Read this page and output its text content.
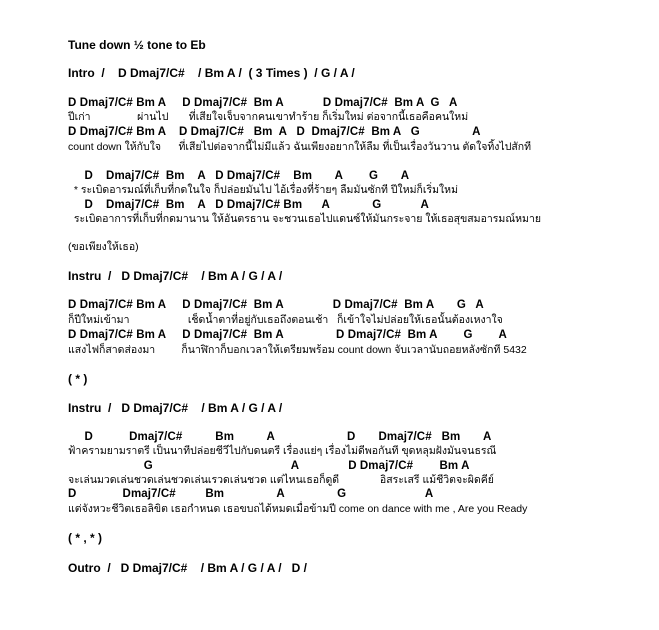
Tune down ½ tone to Eb

Intro  /    D Dmaj7/C#    / Bm A /  ( 3 Times )  / G / A /

D Dmaj7/C# Bm A     D Dmaj7/C#  Bm A            D Dmaj7/C#  Bm A  G   A

ปีเก่า                ผ่านไป       ที่เสียใจเจ็บจากคนเขาทำร้าย ก็เริ่มใหม่ ต่อจากนี้เธอคือคนใหม่

D Dmaj7/C# Bm A    D Dmaj7/C#   Bm  A   D  Dmaj7/C#  Bm A   G                A

count down ให้กับใจ      ที่เสียไปต่อจากนี้ไม่มีแล้ว ฉันเพียงอยากให้ลืม ที่เป็นเรื่องวันวาน ตัดใจทิ้งไปสักที

D    Dmaj7/C#  Bm    A   D Dmaj7/C#    Bm       A        G       A

* ระเบิดอารมณ์ที่เก็บที่กดในใจ ก็ปล่อยมันไป ไอ้เรื่องที่ร้ายๆ ลืมมันซักที ปีใหม่ก็เริ่มใหม่

D    Dmaj7/C#  Bm    A   D Dmaj7/C# Bm      A             G            A

ระเบิดอาการที่เก็บที่กดมานาน ให้อันตรธาน จะชวนเธอไปแดนซ์ให้มันกระจาย ให้เธอสุขสมอารมณ์หมาย

(ขอเพียงให้เธอ)

Instru  /   D Dmaj7/C#    / Bm A / G / A /

D Dmaj7/C# Bm A     D Dmaj7/C#  Bm A               D Dmaj7/C#  Bm A       G   A

ก็ปีใหม่เข้ามา                    เช็ดน้ำตาที่อยู่กับเธอถึงตอนเช้า   ก็เข้าใจไม่ปล่อยให้เธอนั้นต้องเหงาใจ

D Dmaj7/C# Bm A     D Dmaj7/C#  Bm A                D Dmaj7/C#  Bm A        G        A

แสงไฟก็สาดส่องมา         ก็นาฬิกาก็บอกเวลาให้เตรียมพร้อม count down จับเวลานับถอยหลังซักที 5432

( * )

Instru  /   D Dmaj7/C#    / Bm A / G / A /

D           Dmaj7/C#          Bm          A                      D       Dmaj7/C#   Bm       A

ฟ้าครามยามราตรี เป็นนาทีปล่อยชีวีไปกับดนตรี เรื่องแย่ๆ เรื่องไม่ดีพอกันที ขุดหลุมฝังมันจนธรณี

G                                          A               D Dmaj7/C#        Bm A

จะเล่นมวดเล่นชวดเล่นชวดเล่นเรวดเล่นชวด แต่ไหนเธอก็ดูดี              อิสระเสรี แม้ชีวิตจะผิดคีย์

D              Dmaj7/C#         Bm                A                G                        A

แต่จังหวะชีวิตเธอลิขิต เธอกำหนด เธอขบถได้หมดเมื่อข้ามปี come on dance with me , Are you Ready

( * , * )

Outro  /   D Dmaj7/C#    / Bm A / G / A /   D /
